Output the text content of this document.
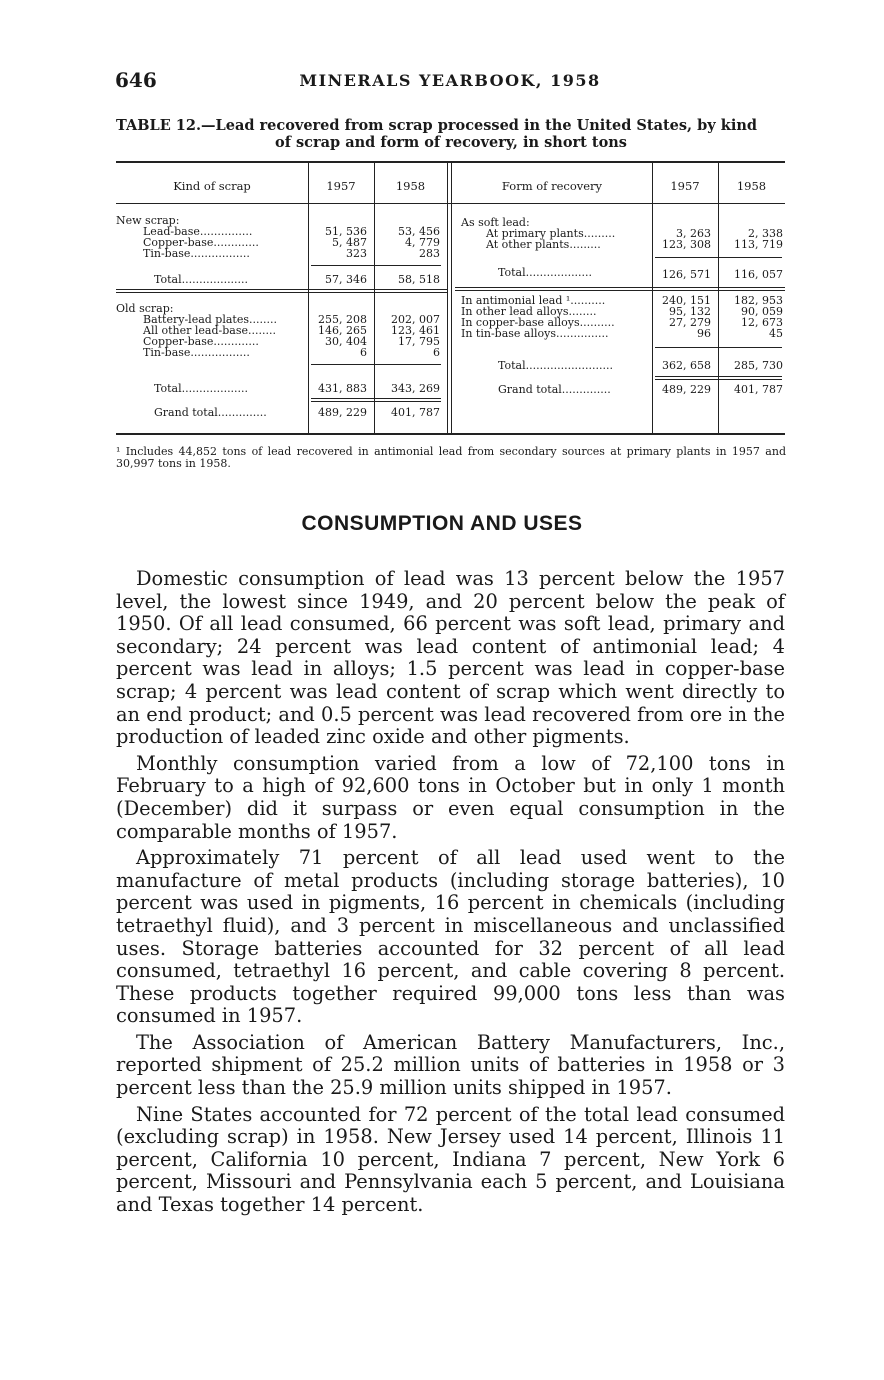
646	MINERALS YEARBOOK, 1958
TABLE 12.—Lead recovered from scrap processed in the United States, by kind
of scrap and form of recovery, in short tons
Kind of scrap	1957	1958	Form of recovery	1957	1958
New scrap:
Lead-base...............	51, 536	53, 456
Copper-base.............	5, 487	4, 779
Tin-base.................	323	283
Total...................	57, 346	58, 518
Old scrap:
Battery-lead plates........	255, 208	202, 007
All other lead-base........	146, 265	123, 461
Copper-base.............	30, 404	17, 795
Tin-base.................	6	6
Total...................	431, 883	343, 269
Grand total..............	489, 229	401, 787
As soft lead:
At primary plants.........	3, 263	2, 338
At other plants.........	123, 308	113, 719
Total...................	126, 571	116, 057
In antimonial lead ¹..........	240, 151	182, 953
In other lead alloys........	95, 132	90, 059
In copper-base alloys..........	27, 279	12, 673
In tin-base alloys...............	96	45
Total.........................	362, 658	285, 730
Grand total..............	489, 229	401, 787
¹ Includes 44,852 tons of lead recovered in antimonial lead from secondary sources at primary plants in 1957 and 30,997 tons in 1958.
CONSUMPTION AND USES

Domestic consumption of lead was 13 percent below the 1957 level, the lowest since 1949, and 20 percent below the peak of 1950. Of all lead consumed, 66 percent was soft lead, primary and secondary; 24 percent was lead content of antimonial lead; 4 percent was lead in alloys; 1.5 percent was lead in copper-base scrap; 4 percent was lead content of scrap which went directly to an end product; and 0.5 percent was lead recovered from ore in the production of leaded zinc oxide and other pigments.

Monthly consumption varied from a low of 72,100 tons in February to a high of 92,600 tons in October but in only 1 month (December) did it surpass or even equal consumption in the comparable months of 1957.

Approximately 71 percent of all lead used went to the manufacture of metal products (including storage batteries), 10 percent was used in pigments, 16 percent in chemicals (including tetraethyl fluid), and 3 percent in miscellaneous and unclassified uses. Storage batteries accounted for 32 percent of all lead consumed, tetraethyl 16 percent, and cable covering 8 percent. These products together required 99,000 tons less than was consumed in 1957.

The Association of American Battery Manufacturers, Inc., reported shipment of 25.2 million units of batteries in 1958 or 3 percent less than the 25.9 million units shipped in 1957.

Nine States accounted for 72 percent of the total lead consumed (excluding scrap) in 1958. New Jersey used 14 percent, Illinois 11 percent, California 10 percent, Indiana 7 percent, New York 6 percent, Missouri and Pennsylvania each 5 percent, and Louisiana and Texas together 14 percent.
